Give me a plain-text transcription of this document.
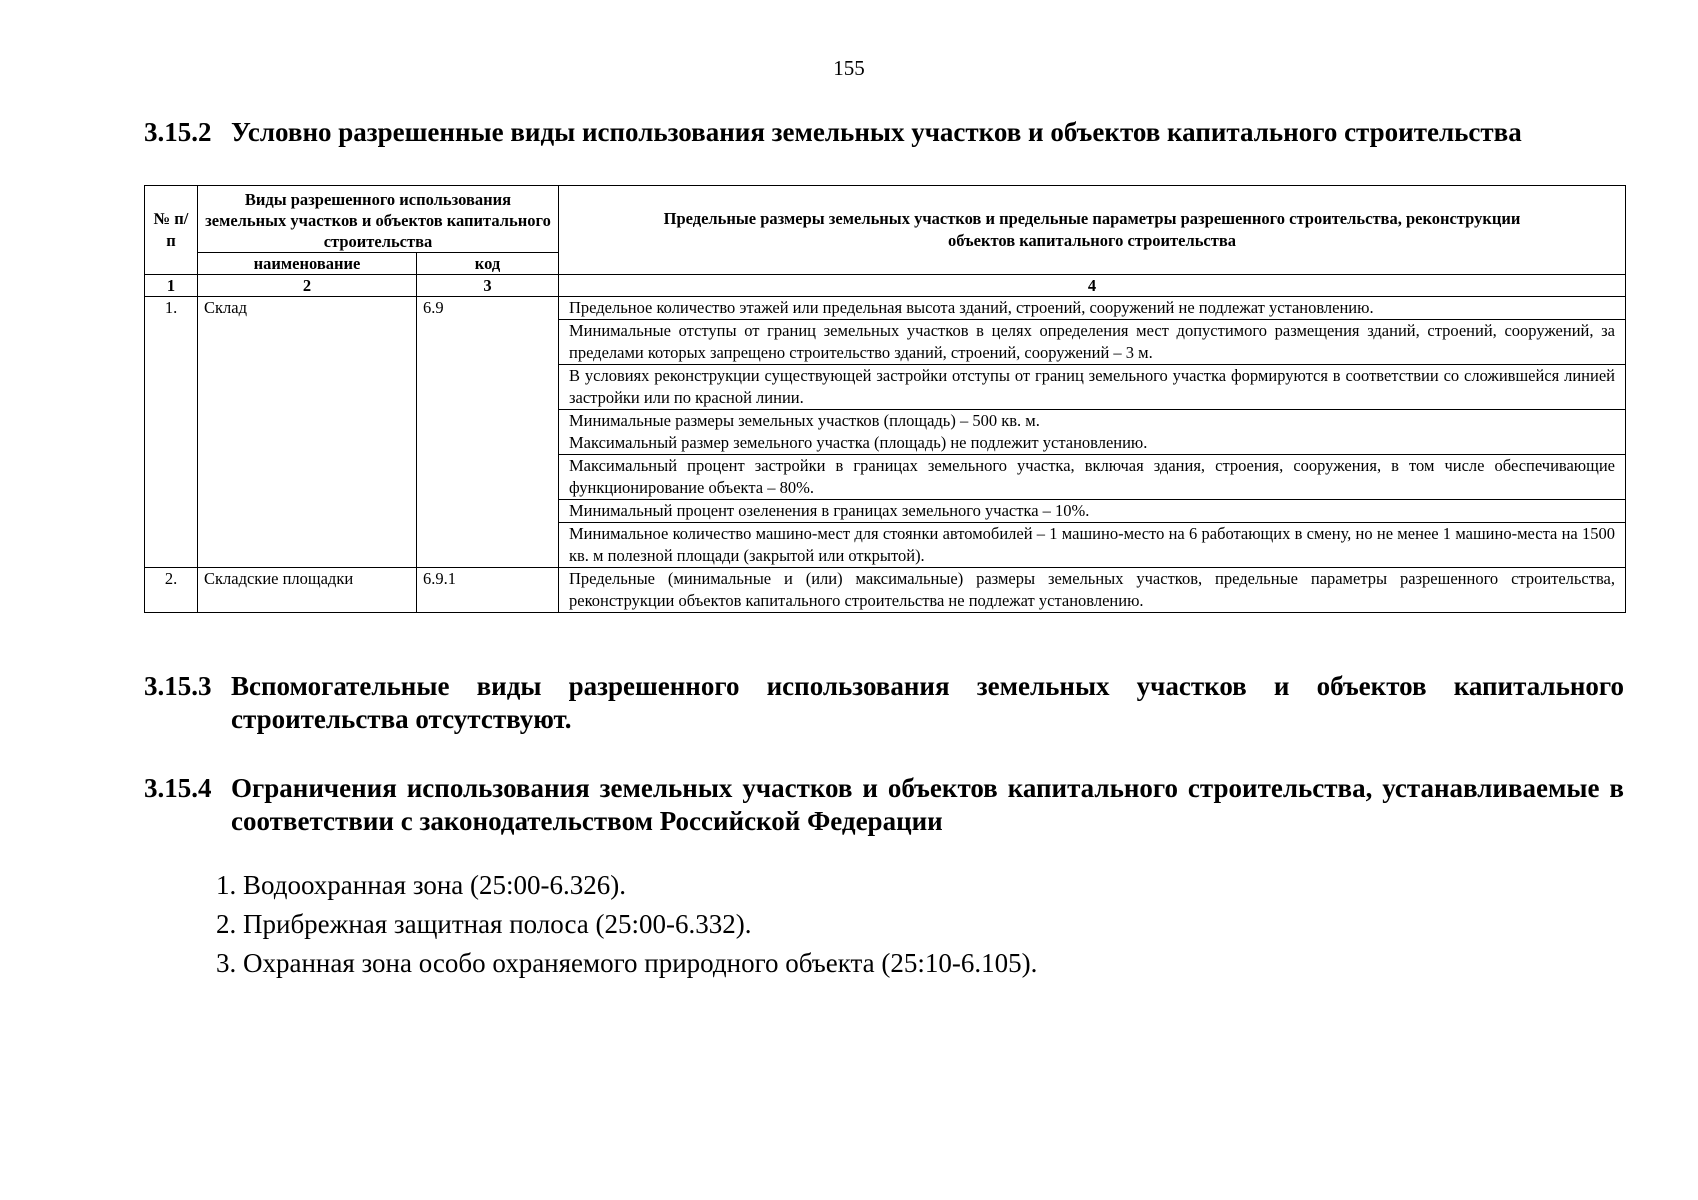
155
3.15.2 Условно разрешенные виды использования земельных участков и объектов капитального строительства
№ п/п	Виды разрешенного использования земельных участков и объектов капитального строительства		Предельные размеры земельных участков и предельные параметры разрешенного строительства, реконструкции объектов капитального строительства
	наименование	код	
1	2	3	4
1.	Склад	6.9	Предельное количество этажей или предельная высота зданий, строений, сооружений не подлежат установлению.

			Минимальные отступы от границ земельных участков в целях определения мест допустимого размещения зданий, строений, сооружений, за пределами которых запрещено строительство зданий, строений, сооружений – 3 м.

			В условиях реконструкции существующей застройки отступы от границ земельного участка формируются в соответствии со сложившейся линией застройки или по красной линии.

			Минимальные размеры земельных участков (площадь) – 500 кв. м.
Максимальный размер земельного участка (площадь) не подлежит установлению.

			Максимальный процент застройки в границах земельного участка, включая здания, строения, сооружения, в том числе обеспечивающие функционирование объекта – 80%.

			Минимальный процент озеленения в границах земельного участка – 10%.

			Минимальное количество машино-мест для стоянки автомобилей – 1 машино-место на 6 работающих в смену, но не менее 1 машино-места на 1500 кв. м полезной площади (закрытой или открытой).

2.	Складские площадки	6.9.1	Предельные (минимальные и (или) максимальные) размеры земельных участков, предельные параметры разрешенного строительства, реконструкции объектов капитального строительства не подлежат установлению.
3.15.3 Вспомогательные виды разрешенного использования земельных участков и объектов капитального строительства отсутствуют.
3.15.4 Ограничения использования земельных участков и объектов капитального строительства, устанавливаемые в соответствии с законодательством Российской Федерации
1. Водоохранная зона (25:00-6.326).
2. Прибрежная защитная полоса (25:00-6.332).
3. Охранная зона особо охраняемого природного объекта (25:10-6.105).
